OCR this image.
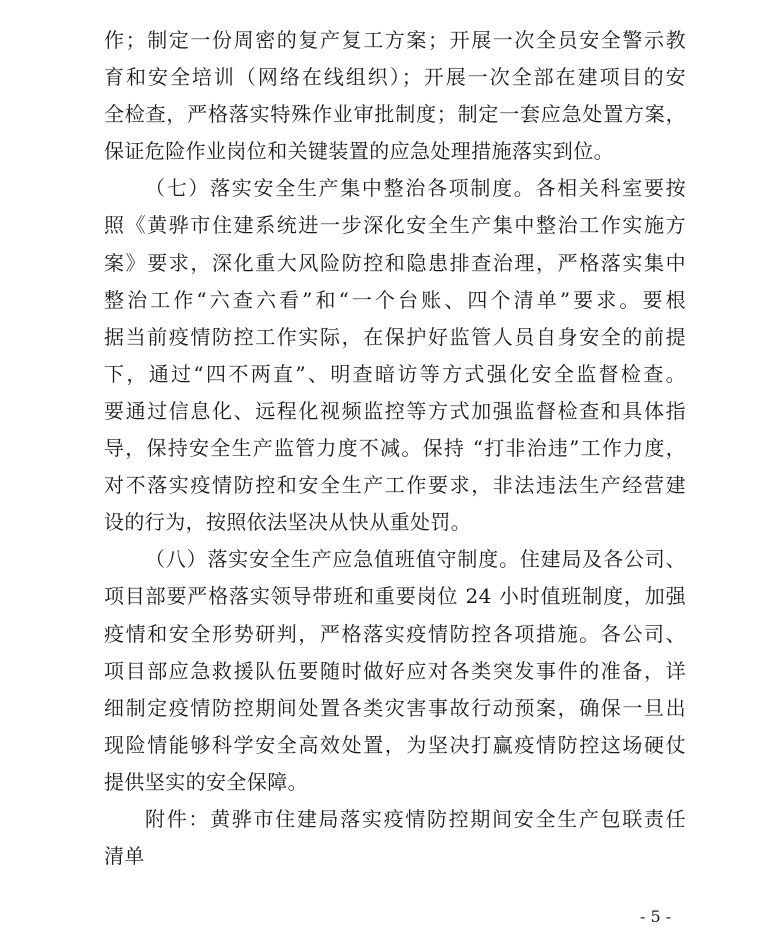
作；制定一份周密的复产复工方案；开展一次全员安全警示教
育和安全培训（网络在线组织）；开展一次全部在建项目的安
全检查，严格落实特殊作业审批制度；制定一套应急处置方案，
保证危险作业岗位和关键装置的应急处理措施落实到位。
（七）落实安全生产集中整治各项制度。各相关科室要按
照《黄骅市住建系统进一步深化安全生产集中整治工作实施方
案》要求，深化重大风险防控和隐患排查治理，严格落实集中
整治工作“六查六看”和“一个台账、四个清单”要求。要根
据当前疫情防控工作实际，在保护好监管人员自身安全的前提
下，通过“四不两直”、明查暗访等方式强化安全监督检查。
要通过信息化、远程化视频监控等方式加强监督检查和具体指
导，保持安全生产监管力度不减。保持 “打非治违”工作力度，
对不落实疫情防控和安全生产工作要求，非法违法生产经营建
设的行为，按照依法坚决从快从重处罚。
（八）落实安全生产应急值班值守制度。住建局及各公司、
项目部要严格落实领导带班和重要岗位 24 小时值班制度，加强
疫情和安全形势研判，严格落实疫情防控各项措施。各公司、
项目部应急救援队伍要随时做好应对各类突发事件的准备，详
细制定疫情防控期间处置各类灾害事故行动预案，确保一旦出
现险情能够科学安全高效处置，为坚决打赢疫情防控这场硬仗
提供坚实的安全保障。
附件：黄骅市住建局落实疫情防控期间安全生产包联责任
清单
- 5 -
